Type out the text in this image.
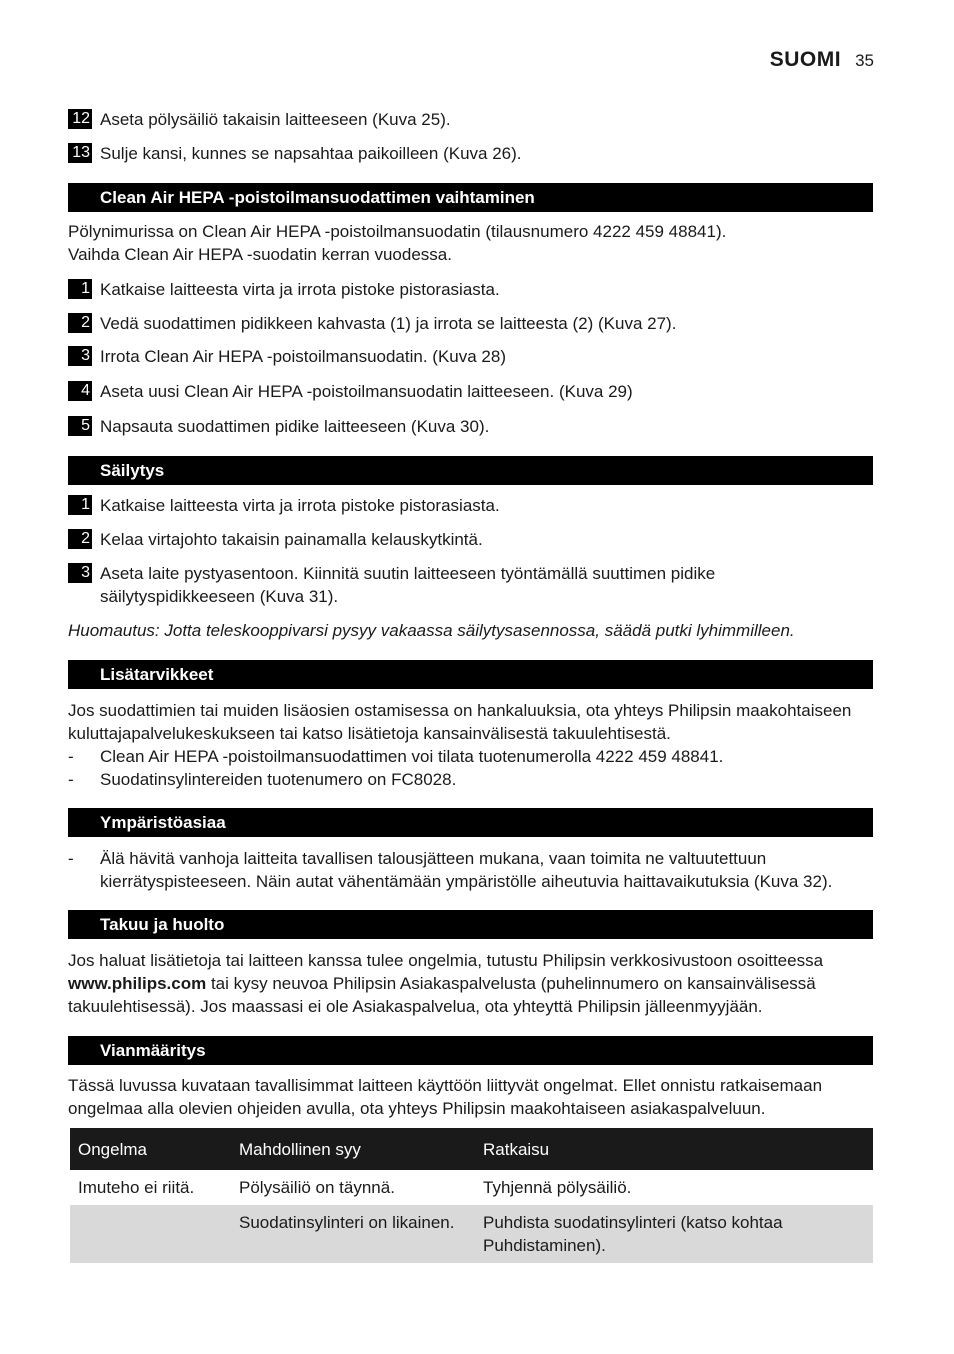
SUOMI 35
12 Aseta pölysäiliö takaisin laitteeseen (Kuva 25).
13 Sulje kansi, kunnes se napsahtaa paikoilleen (Kuva 26).
Clean Air HEPA -poistoilmansuodattimen vaihtaminen

Pölynimurissa on Clean Air HEPA -poistoilmansuodatin (tilausnumero 4222 459 48841).

Vaihda Clean Air HEPA -suodatin kerran vuodessa.

1 Katkaise laitteesta virta ja irrota pistoke pistorasiasta.
2 Vedä suodattimen pidikkeen kahvasta (1) ja irrota se laitteesta (2) (Kuva 27).
3 Irrota Clean Air HEPA -poistoilmansuodatin. (Kuva 28)
4 Aseta uusi Clean Air HEPA -poistoilmansuodatin laitteeseen. (Kuva 29)
5 Napsauta suodattimen pidike laitteeseen (Kuva 30).
Säilytys
1 Katkaise laitteesta virta ja irrota pistoke pistorasiasta.
2 Kelaa virtajohto takaisin painamalla kelauskytkintä.
3 Aseta laite pystyasentoon. Kiinnitä suutin laitteeseen työntämällä suuttimen pidike
säilytyspidikkeeseen (Kuva 31).
Huomautus: Jotta teleskooppivarsi pysyy vakaassa säilytysasennossa, säädä putki lyhimmilleen.
Lisätarvikkeet

Jos suodattimien tai muiden lisäosien ostamisessa on hankaluuksia, ota yhteys Philipsin maakohtaiseen

kuluttajapalvelukeskukseen tai katso lisätietoja kansainvälisestä takuulehtisestä.

-	Clean Air HEPA -poistoilmansuodattimen voi tilata tuotenumerolla 4222 459 48841.
-	Suodatinsylintereiden tuotenumero on FC8028.
Ympäristöasiaa
-	Älä hävitä vanhoja laitteita tavallisen talousjätteen mukana, vaan toimita ne valtuutettuun
kierrätyspisteeseen. Näin autat vähentämään ympäristölle aiheutuvia haittavaikutuksia (Kuva 32).
Takuu ja huolto

Jos haluat lisätietoja tai laitteen kanssa tulee ongelmia, tutustu Philipsin verkkosivustoon osoitteessa

www.philips.com tai kysy neuvoa Philipsin Asiakaspalvelusta (puhelinnumero on kansainvälisessä

takuulehtisessä). Jos maassasi ei ole Asiakaspalvelua, ota yhteyttä Philipsin jälleenmyyjään.

Vianmääritys

Tässä luvussa kuvataan tavallisimmat laitteen käyttöön liittyvät ongelmat. Ellet onnistu ratkaisemaan

ongelmaa alla olevien ohjeiden avulla, ota yhteys Philipsin maakohtaiseen asiakaspalveluun.

Ongelma	Mahdollinen syy	Ratkaisu
Imuteho ei riitä.	Pölysäiliö on täynnä.	Tyhjennä pölysäiliö.
	Suodatinsylinteri on likainen.	Puhdista suodatinsylinteri (katso kohtaa Puhdistaminen).
